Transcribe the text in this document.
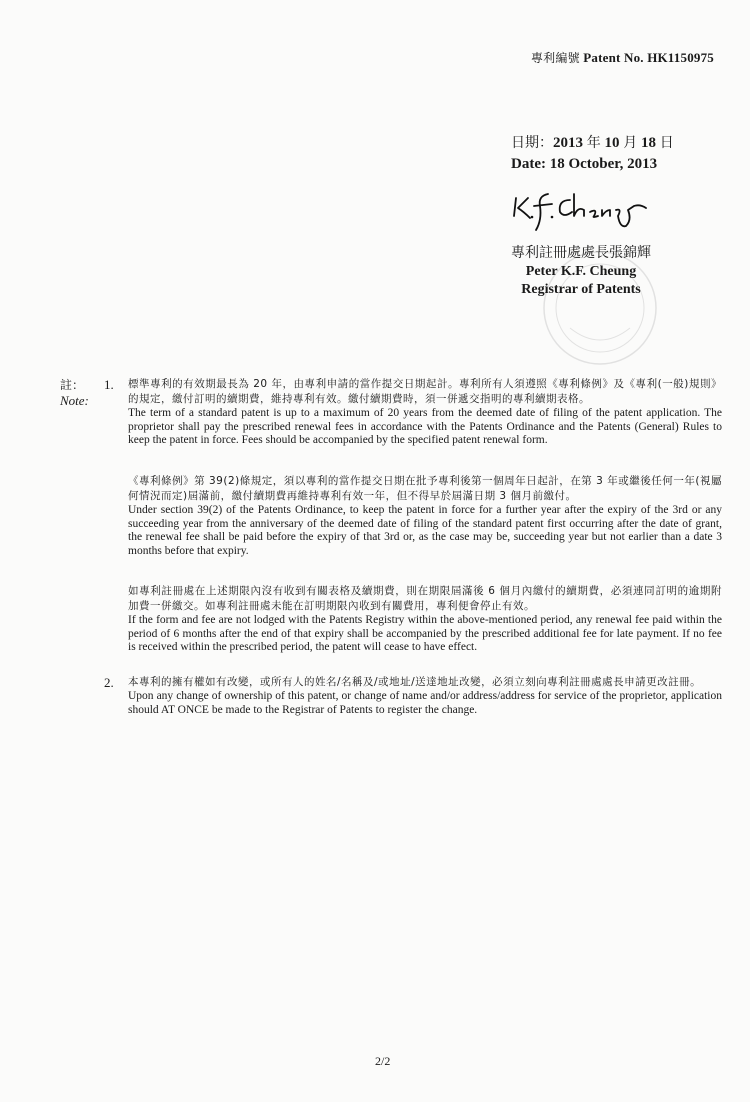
專利編號 Patent No. HK1150975
日期：2013 年 10 月 18 日
Date: 18 October, 2013
專利註冊處處長張錦輝
Peter K.F. Cheung
Registrar of Patents
註：
Note:
1. 標準專利的有效期最長為 20 年，由專利申請的當作提交日期起計。專利所有人須遵照《專利條例》及《專利(一般)規則》的規定，繳付訂明的續期費，維持專利有效。繳付續期費時，須一併遞交指明的專利續期表格。

The term of a standard patent is up to a maximum of 20 years from the deemed date of filing of the patent application. The proprietor shall pay the prescribed renewal fees in accordance with the Patents Ordinance and the Patents (General) Rules to keep the patent in force. Fees should be accompanied by the specified patent renewal form.

《專利條例》第 39(2)條規定，須以專利的當作提交日期在批予專利後第一個周年日起計，在第 3 年或繼後任何一年(視屬何情況而定)屆滿前，繳付續期費再維持專利有效一年，但不得早於屆滿日期 3 個月前繳付。

Under section 39(2) of the Patents Ordinance, to keep the patent in force for a further year after the expiry of the 3rd or any succeeding year from the anniversary of the deemed date of filing of the standard patent first occurring after the date of grant, the renewal fee shall be paid before the expiry of that 3rd or, as the case may be, succeeding year but not earlier than a date 3 months before that expiry.

如專利註冊處在上述期限內沒有收到有關表格及續期費，則在期限屆滿後 6 個月內繳付的續期費，必須連同訂明的逾期附加費一併繳交。如專利註冊處未能在訂明期限內收到有關費用，專利便會停止有效。

If the form and fee are not lodged with the Patents Registry within the above-mentioned period, any renewal fee paid within the period of 6 months after the end of that expiry shall be accompanied by the prescribed additional fee for late payment. If no fee is received within the prescribed period, the patent will cease to have effect.

2. 本專利的擁有權如有改變，或所有人的姓名/名稱及/或地址/送達地址改變，必須立刻向專利註冊處處長申請更改註冊。

Upon any change of ownership of this patent, or change of name and/or address/address for service of the proprietor, application should AT ONCE be made to the Registrar of Patents to register the change.

2/2
